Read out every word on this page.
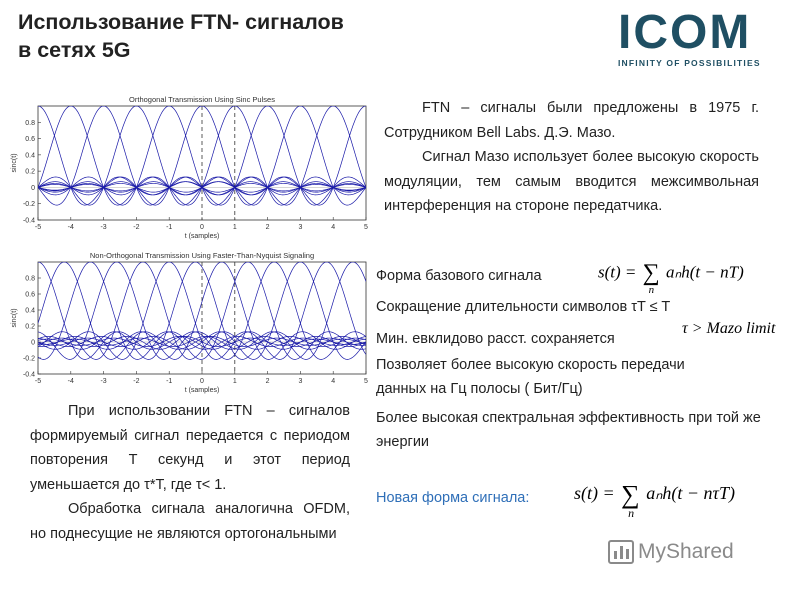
Использование FTN- сигналов
в сетях 5G	ICOM
INFINITY OF POSSIBILITIES
Orthogonal Transmission Using Sinc Pulses
0.8
0.6
0.4
0.2
0
-0.2
-0.4
-5	-4	-3	-2	-1	0	1	2	3	4	5
t (samples)
sinc(t)
Non-Orthogonal Transmission Using Faster-Than-Nyquist Signaling
0.8
0.6
0.4
0.2
0
-0.2
-0.4
-5	-4	-3	-2	-1	0	1	2	3	4	5
t (samples)
sinc(t)

FTN – сигналы были предложены в 1975 г. Сотрудником Bell Labs. Д.Э. Мазо.

Сигнал Мазо использует более высокую скорость модуляции, тем самым вводится межсимвольная интерференция на стороне передатчика.

Форма базового сигнала
Сокращение длительности символов τT ≤ T
Мин. евклидово расст. сохраняется
Позволяет более высокую скорость передачи данных на Гц полосы ( Бит/Гц)
Более высокая спектральная эффективность при той же энергии
Новая форма сигнала:
s(t) = ∑
n
aₙh(t − nT)
τ > Mazo limit
s(t) = ∑
n
aₙh(t − nτT)

При использовании FTN – сигналов формируемый сигнал передается с периодом повторения T секунд и этот период уменьшается до τ*T, где τ< 1.

Обработка сигнала аналогична OFDM, но поднесущие не являются ортогональными

MyShared
